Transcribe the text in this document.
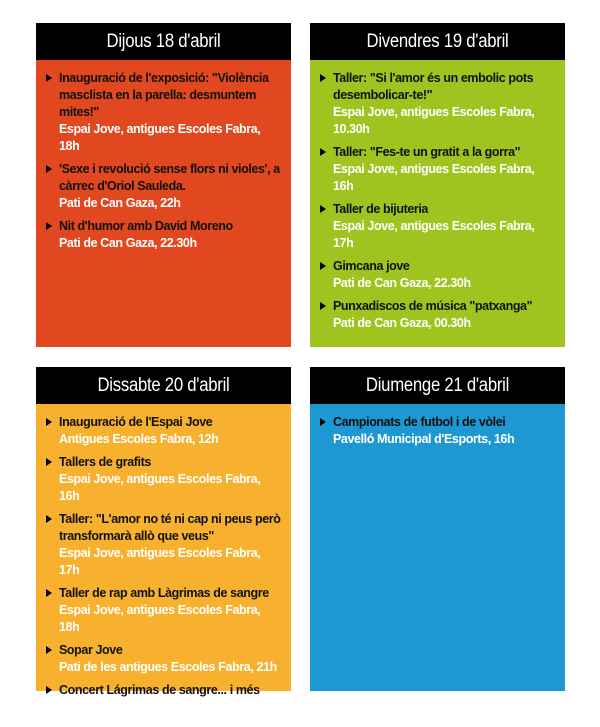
Dijous 18 d'abril
Inauguració de l'exposició: "Violència masclista en la parella: desmuntem mites!"
Espai Jove, antigues Escoles Fabra, 18h
'Sexe i revolució sense flors ni violes', a càrrec d'Oriol Sauleda.
Pati de Can Gaza, 22h
Nit d'humor amb David Moreno
Pati de Can Gaza, 22.30h
Divendres 19 d'abril
Taller: "Si l'amor és un embolic pots desembolicar-te!"
Espai Jove, antigues Escoles Fabra, 10.30h
Taller: "Fes-te un gratit a la gorra"
Espai Jove, antigues Escoles Fabra, 16h
Taller de bijuteria
Espai Jove, antigues Escoles Fabra, 17h
Gimcana jove
Pati de Can Gaza, 22.30h
Punxadiscos de música "patxanga"
Pati de Can Gaza, 00.30h
Dissabte 20 d'abril
Inauguració de l'Espai Jove
Antigues Escoles Fabra, 12h
Tallers de grafits
Espai Jove, antigues Escoles Fabra, 16h
Taller: "L'amor no té ni cap ni peus però transformarà allò que veus"
Espai Jove, antigues Escoles Fabra, 17h
Taller de rap amb Làgrimas de sangre
Espai Jove, antigues Escoles Fabra, 18h
Sopar Jove
Pati de les antigues Escoles Fabra, 21h
Concert Lágrimas de sangre... i més
Hort de la Rectoria, 23h
Diumenge 21 d'abril
Campionats de futbol i de vòlei
Pavelló Municipal d'Esports, 16h
